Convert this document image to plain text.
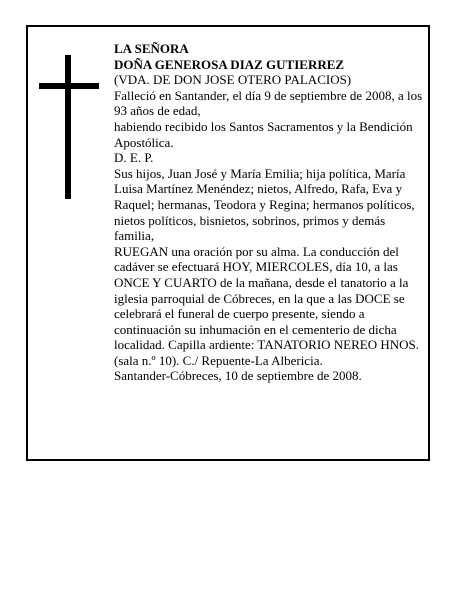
LA SEÑORA

DOÑA GENEROSA DIAZ GUTIERREZ

(VDA. DE DON JOSE OTERO PALACIOS)

Falleció en Santander, el día 9 de septiembre de 2008, a los 93 años de edad,

habiendo recibido los Santos Sacramentos y la Bendición Apostólica.

D. E. P.

Sus hijos, Juan José y María Emilia; hija política, María Luisa Martínez Menéndez; nietos, Alfredo, Rafa, Eva y Raquel; hermanas, Teodora y Regina; hermanos políticos, nietos políticos, bisnietos, sobrinos, primos y demás familia,

RUEGAN una oración por su alma. La conducción del cadáver se efectuará HOY, MIERCOLES, día 10, a las ONCE Y CUARTO de la mañana, desde el tanatorio a la iglesia parroquial de Cóbreces, en la que a las DOCE se celebrará el funeral de cuerpo presente, siendo a continuación su inhumación en el cementerio de dicha localidad. Capilla ardiente: TANATORIO NEREO HNOS. (sala n.º 10). C./ Repuente-La Albericia.

Santander-Cóbreces, 10 de septiembre de 2008.
